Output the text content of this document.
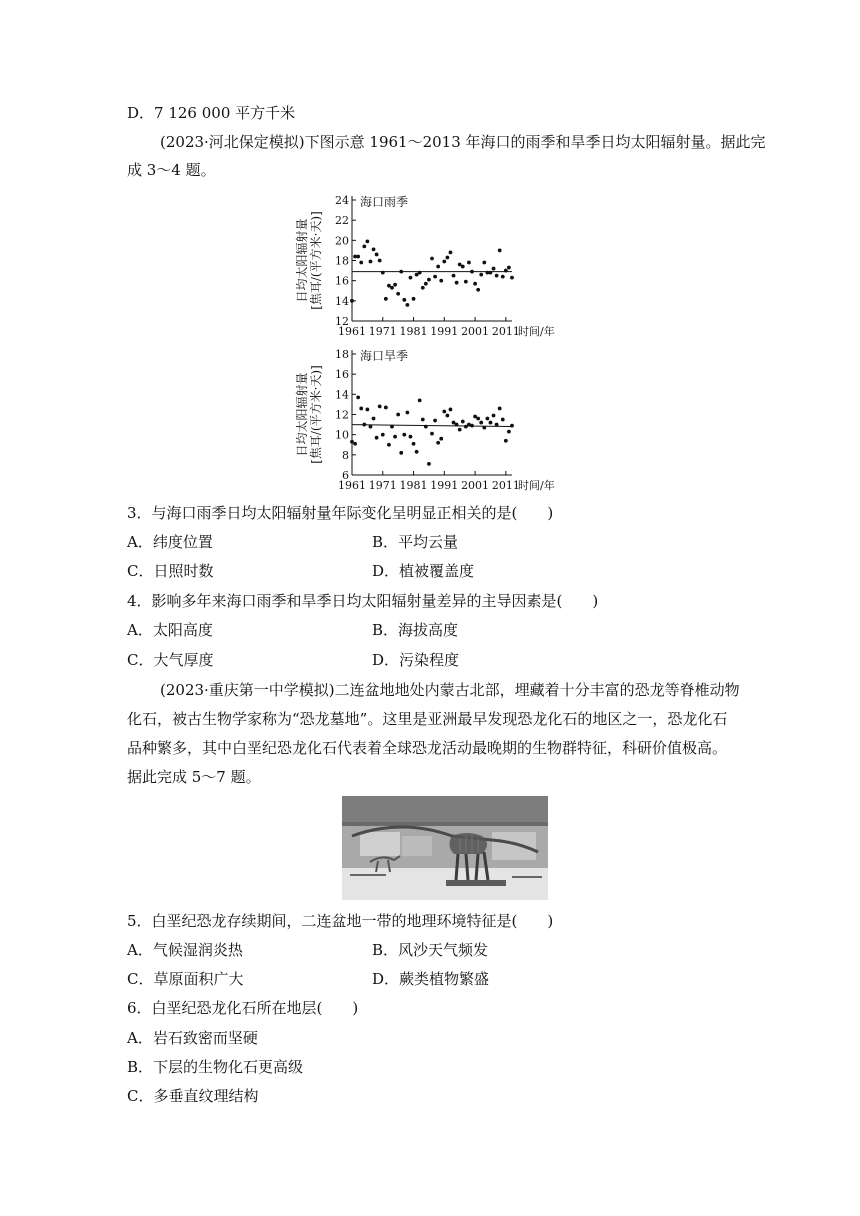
D．7 126 000 平方千米
(2023·河北保定模拟)下图示意 1961～2013 年海口的雨季和旱季日均太阳辐射量。据此完
成 3～4 题。
12
14
16
18
20
22
24
1961 1971 1981 1991 2001 2011
时间/年
海口雨季
日均太阳辐射量 [焦耳/(平方米·天)]
6
8
10
12
14
16
18
1961 1971 1981 1991 2001 2011
时间/年
海口旱季
日均太阳辐射量 [焦耳/(平方米·天)]
3．与海口雨季日均太阳辐射量年际变化呈明显正相关的是(　　)
A．纬度位置	B．平均云量
C．日照时数	D．植被覆盖度
4．影响多年来海口雨季和旱季日均太阳辐射量差异的主导因素是(　　)
A．太阳高度	B．海拔高度
C．大气厚度	D．污染程度
(2023·重庆第一中学模拟)二连盆地地处内蒙古北部，埋藏着十分丰富的恐龙等脊椎动物
化石，被古生物学家称为“恐龙墓地”。这里是亚洲最早发现恐龙化石的地区之一，恐龙化石
品种繁多，其中白垩纪恐龙化石代表着全球恐龙活动最晚期的生物群特征，科研价值极高。
据此完成 5～7 题。
5．白垩纪恐龙存续期间，二连盆地一带的地理环境特征是(　　)
A．气候湿润炎热	B．风沙天气频发
C．草原面积广大	D．蕨类植物繁盛
6．白垩纪恐龙化石所在地层(　　)
A．岩石致密而坚硬
B．下层的生物化石更高级
C．多垂直纹理结构
